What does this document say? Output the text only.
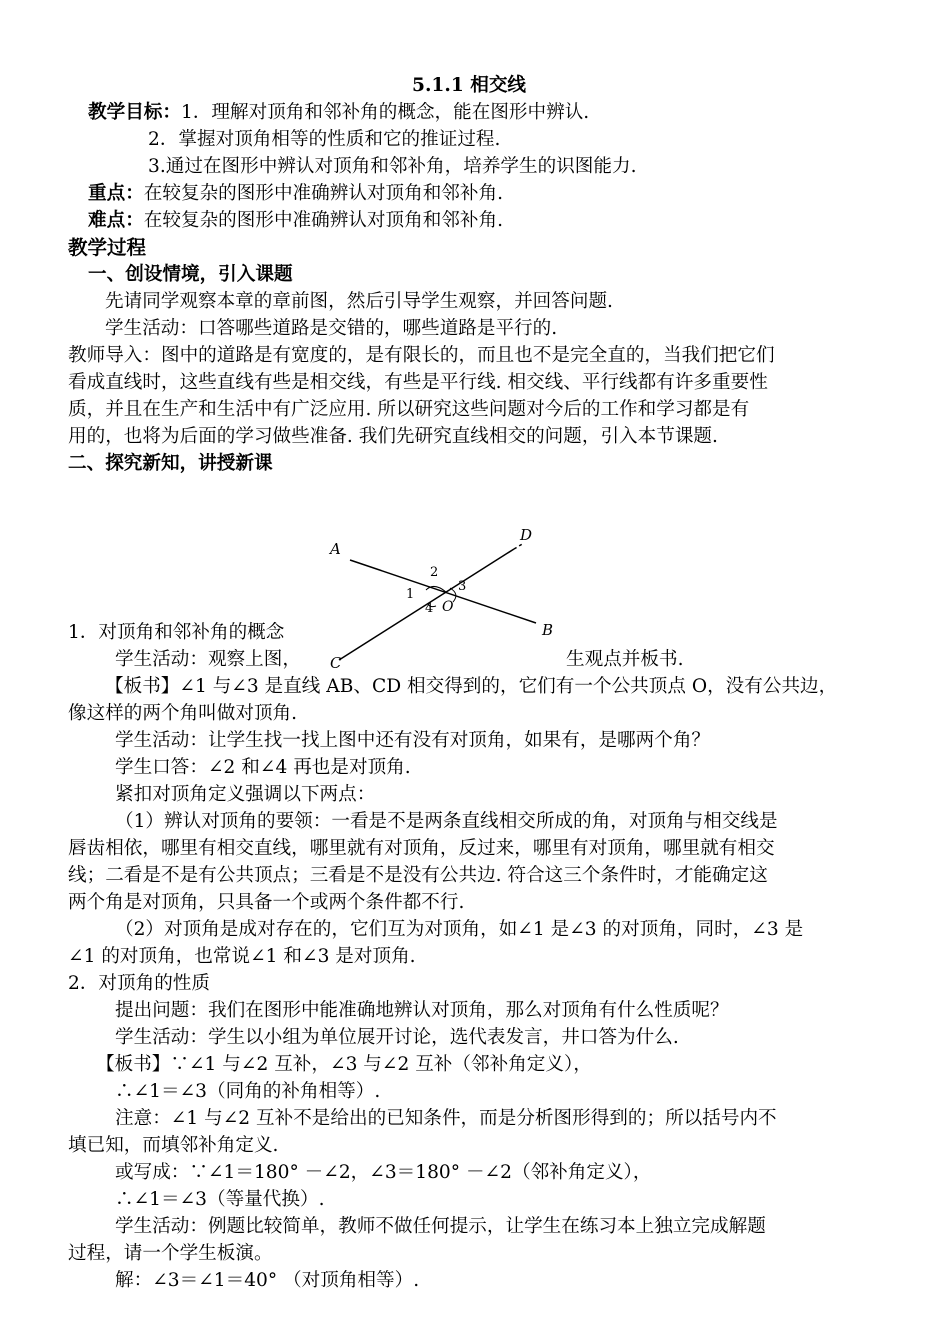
5.1.1 相交线
教学目标：1．理解对顶角和邻补角的概念，能在图形中辨认.
2．掌握对顶角相等的性质和它的推证过程.
3.通过在图形中辨认对顶角和邻补角，培养学生的识图能力.
重点：在较复杂的图形中准确辨认对顶角和邻补角.
难点：在较复杂的图形中准确辨认对顶角和邻补角.
教学过程
一、创设情境，引入课题
先请同学观察本章的章前图，然后引导学生观察，并回答问题.
学生活动：口答哪些道路是交错的，哪些道路是平行的.
教师导入：图中的道路是有宽度的，是有限长的，而且也不是完全直的，当我们把它们
看成直线时，这些直线有些是相交线，有些是平行线. 相交线、平行线都有许多重要性
质，并且在生产和生活中有广泛应用. 所以研究这些问题对今后的工作和学习都是有
用的，也将为后面的学习做些准备. 我们先研究直线相交的问题，引入本节课题.
二、探究新知，讲授新课
1．对顶角和邻补角的概念
学生活动：观察上图，	生观点并板书.
A
D
B
C
O
1
2
3
4
【板书】∠1 与∠3 是直线 AB、CD 相交得到的，它们有一个公共顶点 O，没有公共边，
像这样的两个角叫做对顶角.
学生活动：让学生找一找上图中还有没有对顶角，如果有，是哪两个角？
学生口答：∠2 和∠4 再也是对顶角.
紧扣对顶角定义强调以下两点：
（1）辨认对顶角的要领：一看是不是两条直线相交所成的角，对顶角与相交线是
唇齿相依，哪里有相交直线，哪里就有对顶角，反过来，哪里有对顶角，哪里就有相交
线；二看是不是有公共顶点；三看是不是没有公共边. 符合这三个条件时，才能确定这
两个角是对顶角，只具备一个或两个条件都不行.
（2）对顶角是成对存在的，它们互为对顶角，如∠1 是∠3 的对顶角，同时，∠3 是
∠1 的对顶角，也常说∠1 和∠3 是对顶角.
2．对顶角的性质
提出问题：我们在图形中能准确地辨认对顶角，那么对顶角有什么性质呢？
学生活动：学生以小组为单位展开讨论，选代表发言，井口答为什么.
【板书】∵∠1 与∠2 互补，∠3 与∠2 互补（邻补角定义），
∴∠1＝∠3（同角的补角相等）.
注意：∠1 与∠2 互补不是给出的已知条件，而是分析图形得到的；所以括号内不
填已知，而填邻补角定义.
或写成：∵∠1＝180° －∠2，∠3＝180° －∠2（邻补角定义），
∴∠1＝∠3（等量代换）.
学生活动：例题比较简单，教师不做任何提示，让学生在练习本上独立完成解题
过程，请一个学生板演。
解：∠3＝∠1＝40° （对顶角相等）.
